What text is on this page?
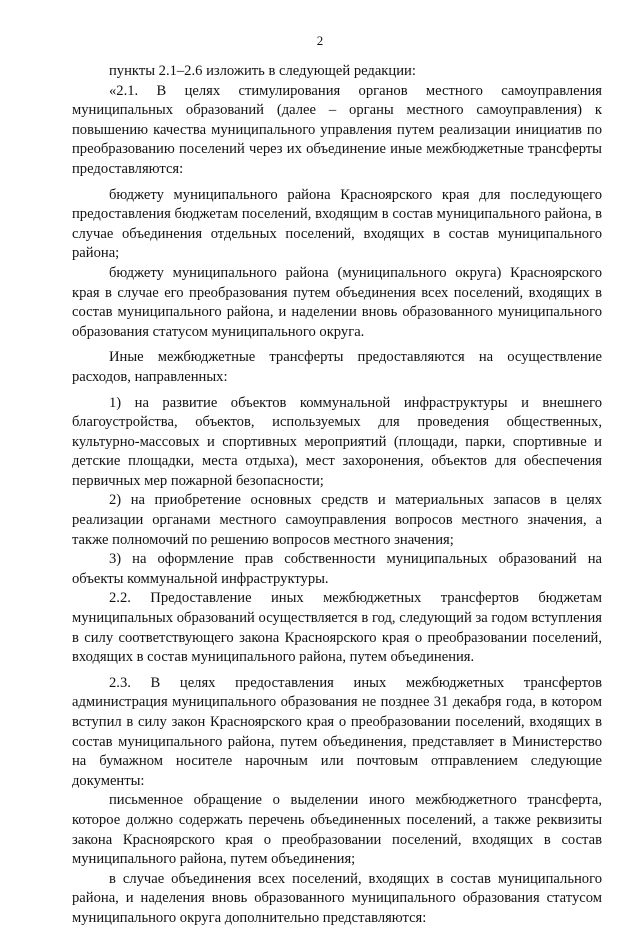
2

пункты 2.1–2.6 изложить в следующей редакции:

«2.1. В целях стимулирования органов местного самоуправления муниципальных образований (далее – органы местного самоуправления) к повышению качества муниципального управления путем реализации инициатив по преобразованию поселений через их объединение иные межбюджетные трансферты предоставляются:

бюджету муниципального района Красноярского края для последующего предоставления бюджетам поселений, входящим в состав муниципального района, в случае объединения отдельных поселений, входящих в состав муниципального района;

бюджету муниципального района (муниципального округа) Красноярского края в случае его преобразования путем объединения всех поселений, входящих в состав муниципального района, и наделении вновь образованного муниципального образования статусом муниципального округа.

Иные межбюджетные трансферты предоставляются на осуществление расходов, направленных:

1) на развитие объектов коммунальной инфраструктуры и внешнего благоустройства, объектов, используемых для проведения общественных, культурно-массовых и спортивных мероприятий (площади, парки, спортивные и детские площадки, места отдыха), мест захоронения, объектов для обеспечения первичных мер пожарной безопасности;

2) на приобретение основных средств и материальных запасов в целях реализации органами местного самоуправления вопросов местного значения, а также полномочий по решению вопросов местного значения;

3) на оформление прав собственности муниципальных образований на объекты коммунальной инфраструктуры.

2.2. Предоставление иных межбюджетных трансфертов бюджетам муниципальных образований осуществляется в год, следующий за годом вступления в силу соответствующего закона Красноярского края о преобразовании поселений, входящих в состав муниципального района, путем объединения.

2.3. В целях предоставления иных межбюджетных трансфертов администрация муниципального образования не позднее 31 декабря года, в котором вступил в силу закон Красноярского края о преобразовании поселений, входящих в состав муниципального района, путем объединения, представляет в Министерство на бумажном носителе нарочным или почтовым отправлением следующие документы:

письменное обращение о выделении иного межбюджетного трансферта, которое должно содержать перечень объединенных поселений, а также реквизиты закона Красноярского края о преобразовании поселений, входящих в состав муниципального района, путем объединения;

в случае объединения всех поселений, входящих в состав муниципального района, и наделения вновь образованного муниципального образования статусом муниципального округа дополнительно представляются:
